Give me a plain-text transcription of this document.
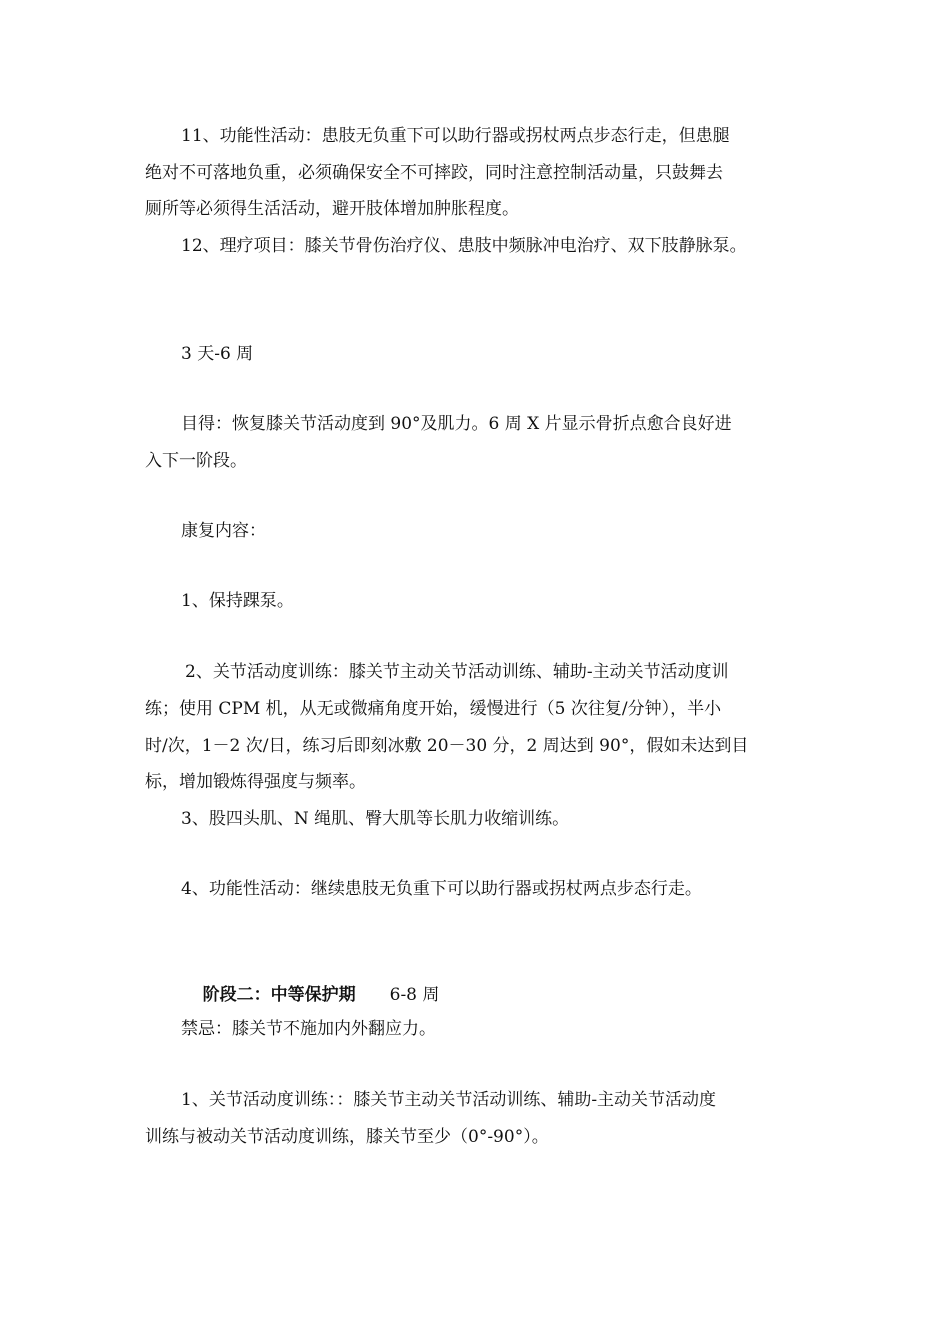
11、功能性活动：患肢无负重下可以助行器或拐杖两点步态行走，但患腿
绝对不可落地负重，必须确保安全不可摔跤，同时注意控制活动量，只鼓舞去
厕所等必须得生活活动，避开肢体增加肿胀程度。
12、理疗项目：膝关节骨伤治疗仪、患肢中频脉冲电治疗、双下肢静脉泵。
3 天-6 周
目得：恢复膝关节活动度到 90°及肌力。6 周 X 片显示骨折点愈合良好进
入下一阶段。
康复内容：
1、保持踝泵。
2、关节活动度训练：膝关节主动关节活动训练、辅助-主动关节活动度训
练；使用 CPM 机，从无或微痛角度开始，缓慢进行（5 次往复/分钟），半小
时/次，1－2 次/日，练习后即刻冰敷 20－30 分，2 周达到 90°，假如未达到目
标，增加锻炼得强度与频率。
3、股四头肌、N 绳肌、臀大肌等长肌力收缩训练。
4、功能性活动：继续患肢无负重下可以助行器或拐杖两点步态行走。

阶段二：中等保护期 6-8 周

禁忌：膝关节不施加内外翻应力。
1、关节活动度训练：：膝关节主动关节活动训练、辅助-主动关节活动度
训练与被动关节活动度训练，膝关节至少（0°-90°）。
